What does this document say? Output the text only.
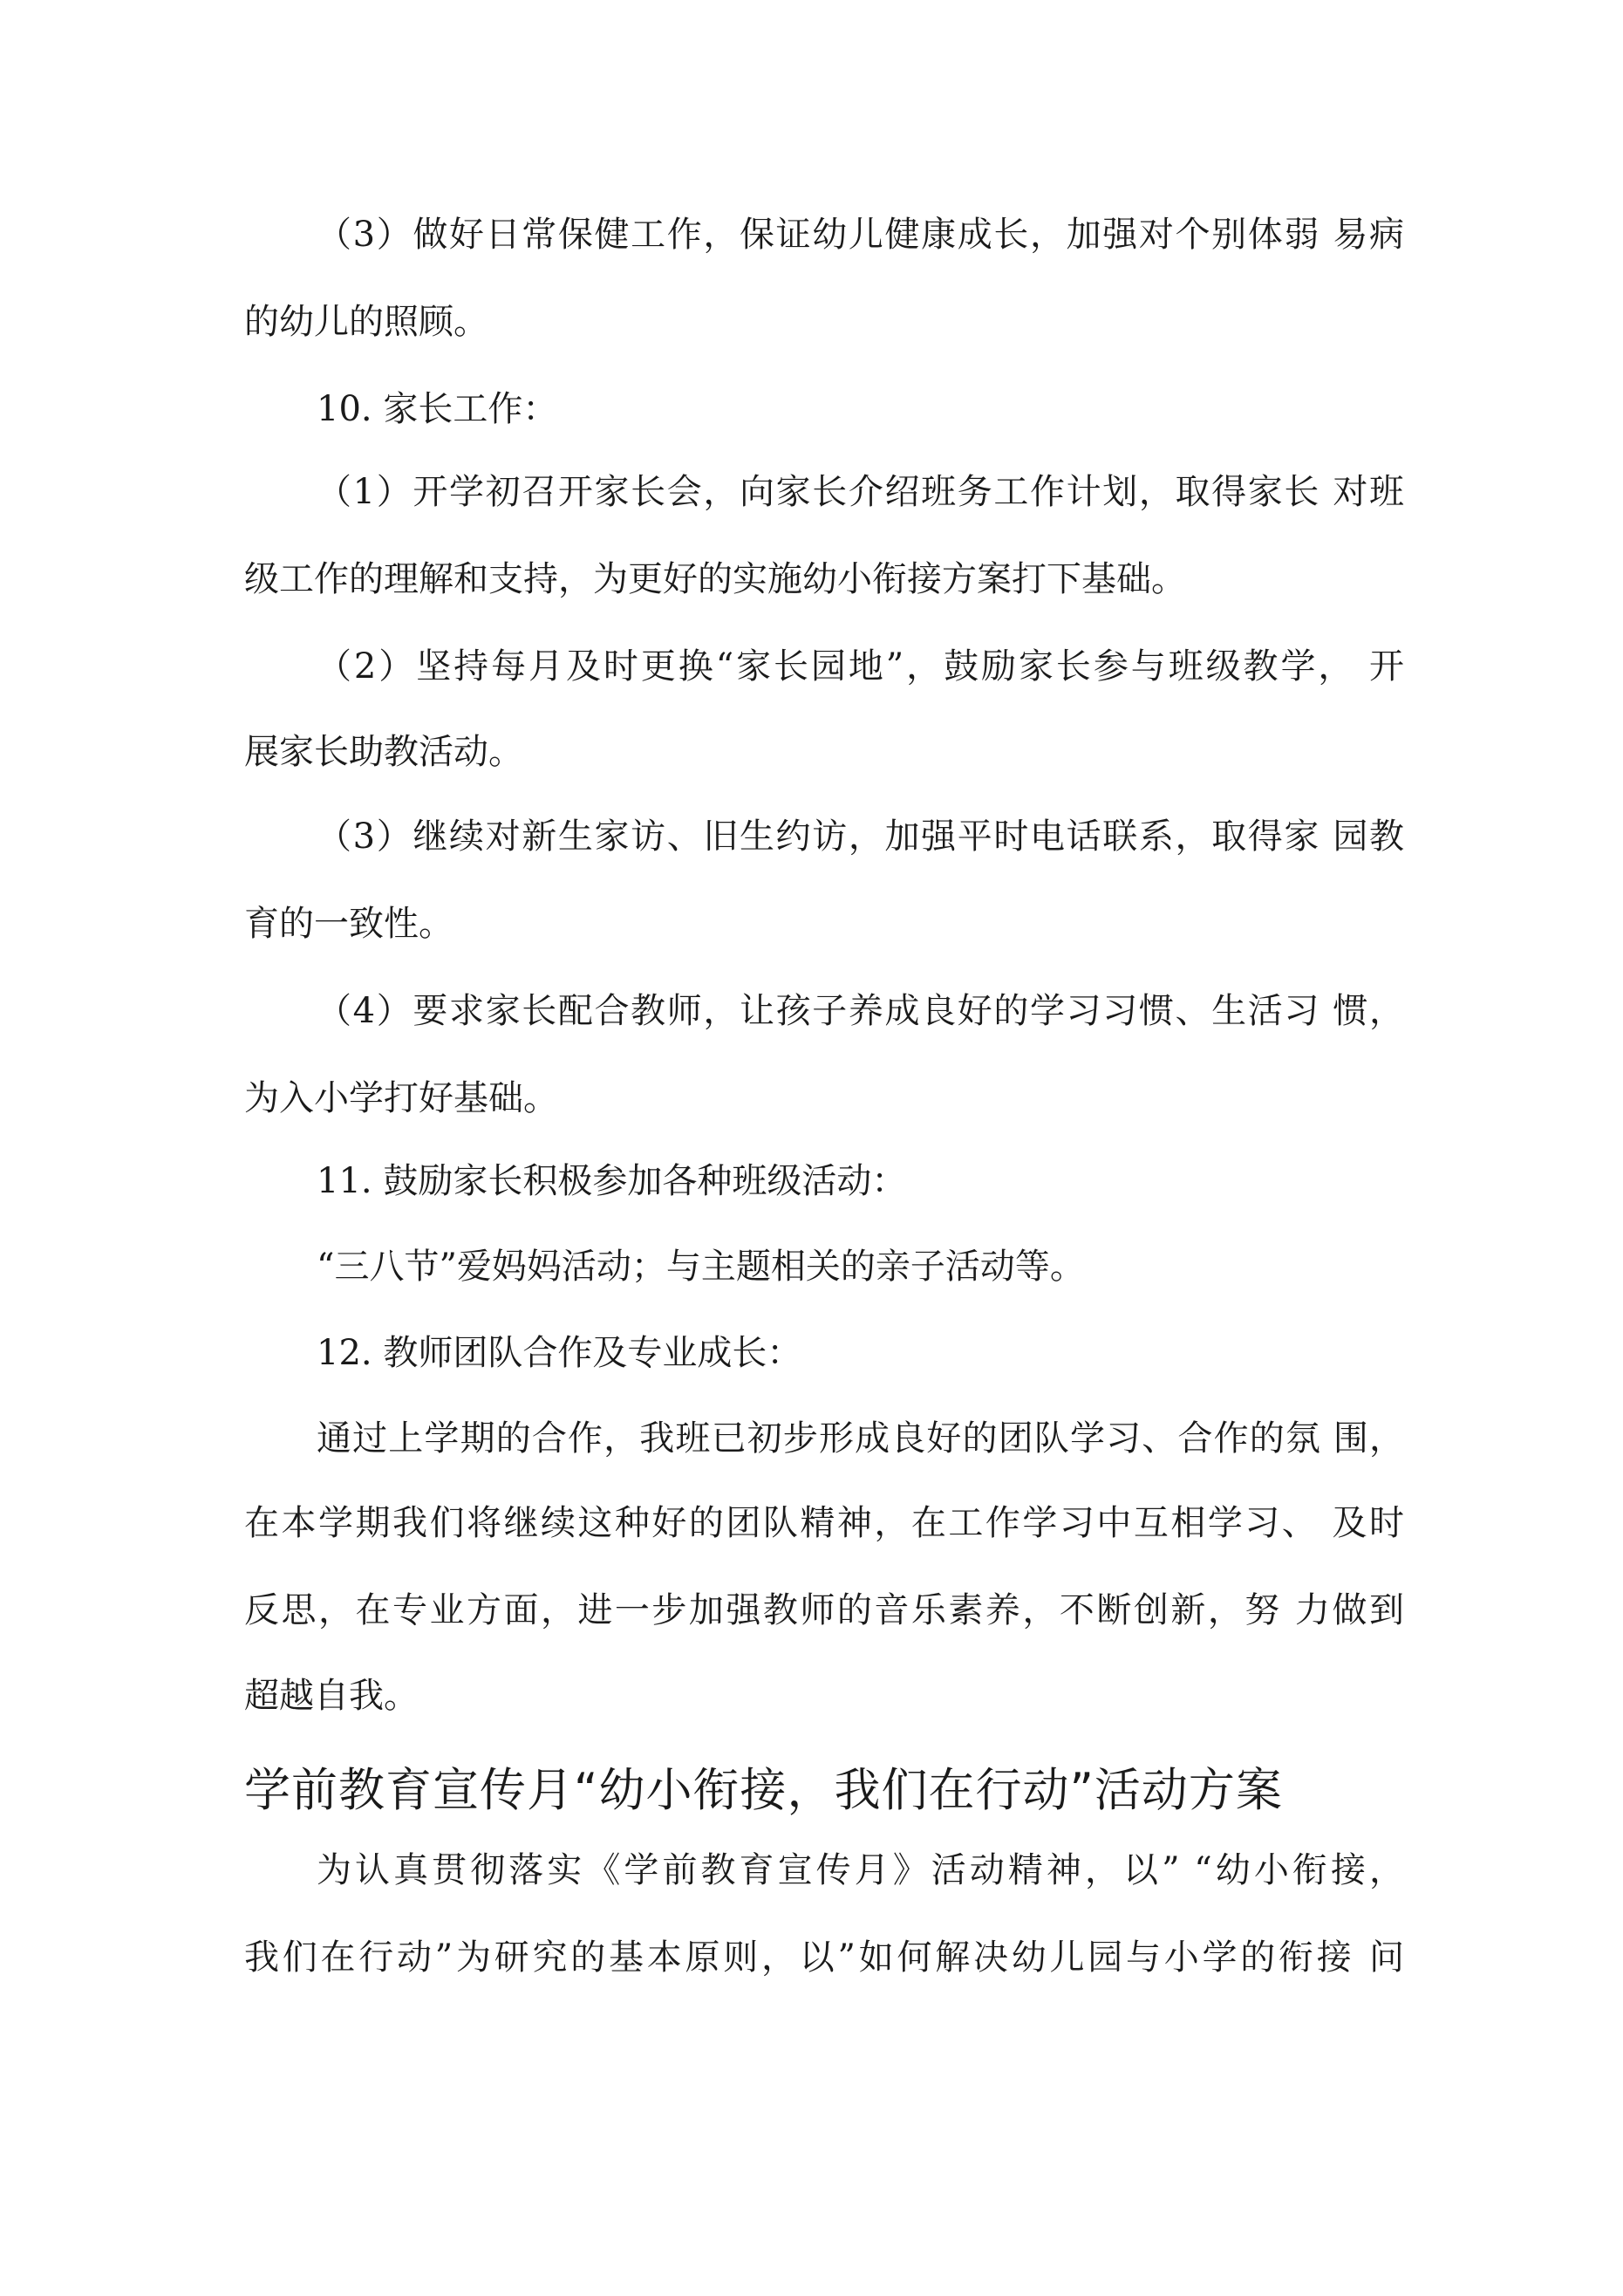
（3）做好日常保健工作，保证幼儿健康成长，加强对个别体弱 易病
的幼儿的照顾。
10. 家长工作：
（1）开学初召开家长会，向家长介绍班务工作计划，取得家长 对班
级工作的理解和支持，为更好的实施幼小衔接方案打下基础。
（2）坚持每月及时更换“家长园地”，鼓励家长参与班级教学， 开
展家长助教活动。
（3）继续对新生家访、旧生约访，加强平时电话联系，取得家 园教
育的一致性。
（4）要求家长配合教师，让孩子养成良好的学习习惯、生活习 惯，
为入小学打好基础。
11. 鼓励家长积极参加各种班级活动：
“三八节”爱妈妈活动；与主题相关的亲子活动等。
12. 教师团队合作及专业成长：
通过上学期的合作，我班已初步形成良好的团队学习、合作的氛 围，
在本学期我们将继续这种好的团队精神，在工作学习中互相学习、 及时
反思，在专业方面，进一步加强教师的音乐素养，不断创新，努 力做到
超越自我。
学前教育宣传月“幼小衔接，我们在行动”活动方案
为认真贯彻落实《学前教育宣传月》活动精神，以” “幼小衔接，
我们在行动”为研究的基本原则，以”如何解决幼儿园与小学的衔接 问
